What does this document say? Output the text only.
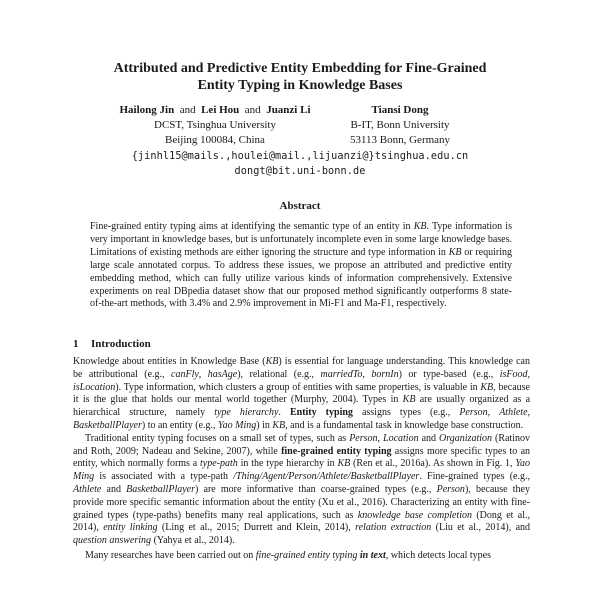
Attributed and Predictive Entity Embedding for Fine-Grained
Entity Typing in Knowledge Bases
Hailong Jin and Lei Hou and Juanzi Li
DCST, Tsinghua University
Beijing 100084, China
Tiansi Dong
B-IT, Bonn University
53113 Bonn, Germany
{jinhl15@mails.,houlei@mail.,lijuanzi@}tsinghua.edu.cn
dongt@bit.uni-bonn.de
Abstract
Fine-grained entity typing aims at identifying the semantic type of an entity in KB. Type information is very important in knowledge bases, but is unfortunately incomplete even in some large knowledge bases. Limitations of existing methods are either ignoring the structure and type information in KB or requiring large scale annotated corpus. To address these issues, we propose an attributed and predictive entity embedding method, which can fully utilize various kinds of information comprehensively. Extensive experiments on real DBpedia dataset show that our proposed method significantly outperforms 8 state-of-the-art methods, with 3.4% and 2.9% improvement in Mi-F1 and Ma-F1, respectively.
1 Introduction

Knowledge about entities in Knowledge Base (KB) is essential for language understanding. This knowledge can be attributional (e.g., canFly, hasAge), relational (e.g., marriedTo, bornIn) or type-based (e.g., isFood, isLocation). Type information, which clusters a group of entities with same properties, is valuable in KB, because it is the glue that holds our mental world together (Murphy, 2004). Types in KB are usually organized as a hierarchical structure, namely type hierarchy. Entity typing assigns types (e.g., Person, Athlete, BasketballPlayer) to an entity (e.g., Yao Ming) in KB, and is a fundamental task in knowledge base construction.

Traditional entity typing focuses on a small set of types, such as Person, Location and Organization (Ratinov and Roth, 2009; Nadeau and Sekine, 2007), while fine-grained entity typing assigns more specific types to an entity, which normally forms a type-path in the type hierarchy in KB (Ren et al., 2016a). As shown in Fig. 1, Yao Ming is associated with a type-path /Thing/Agent/Person/Athlete/BasketballPlayer. Fine-grained types (e.g., Athlete and BasketballPlayer) are more informative than coarse-grained types (e.g., Person), because they provide more specific semantic information about the entity (Xu et al., 2016). Characterizing an entity with fine-grained types (type-paths) benefits many real applications, such as knowledge base completion (Dong et al., 2014), entity linking (Ling et al., 2015; Durrett and Klein, 2014), relation extraction (Liu et al., 2014), and question answering (Yahya et al., 2014).

Many researches have been carried out on fine-grained entity typing in text, which detects local types
